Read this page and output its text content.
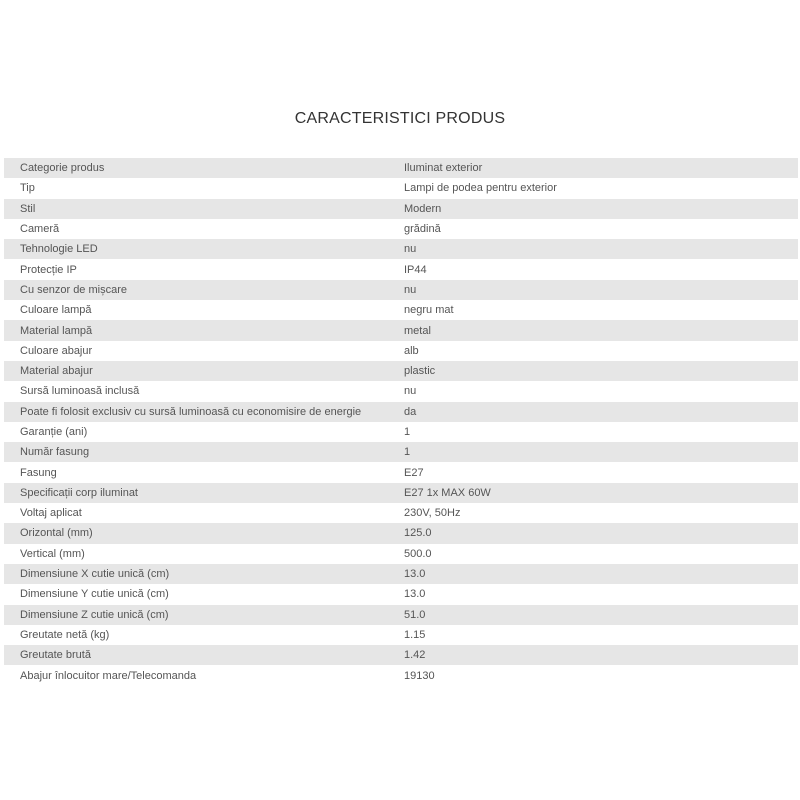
CARACTERISTICI PRODUS
Categorie produs	Iluminat exterior
Tip	Lampi de podea pentru exterior
Stil	Modern
Cameră	grădină
Tehnologie LED	nu
Protecție IP	IP44
Cu senzor de mișcare	nu
Culoare lampă	negru mat
Material lampă	metal
Culoare abajur	alb
Material abajur	plastic
Sursă luminoasă inclusă	nu
Poate fi folosit exclusiv cu sursă luminoasă cu economisire de energie	da
Garanție (ani)	1
Număr fasung	1
Fasung	E27
Specificații corp iluminat	E27 1x MAX 60W
Voltaj aplicat	230V, 50Hz
Orizontal (mm)	125.0
Vertical (mm)	500.0
Dimensiune X cutie unică (cm)	13.0
Dimensiune Y cutie unică (cm)	13.0
Dimensiune Z cutie unică (cm)	51.0
Greutate netă (kg)	1.15
Greutate brută	1.42
Abajur înlocuitor mare/Telecomanda	19130
